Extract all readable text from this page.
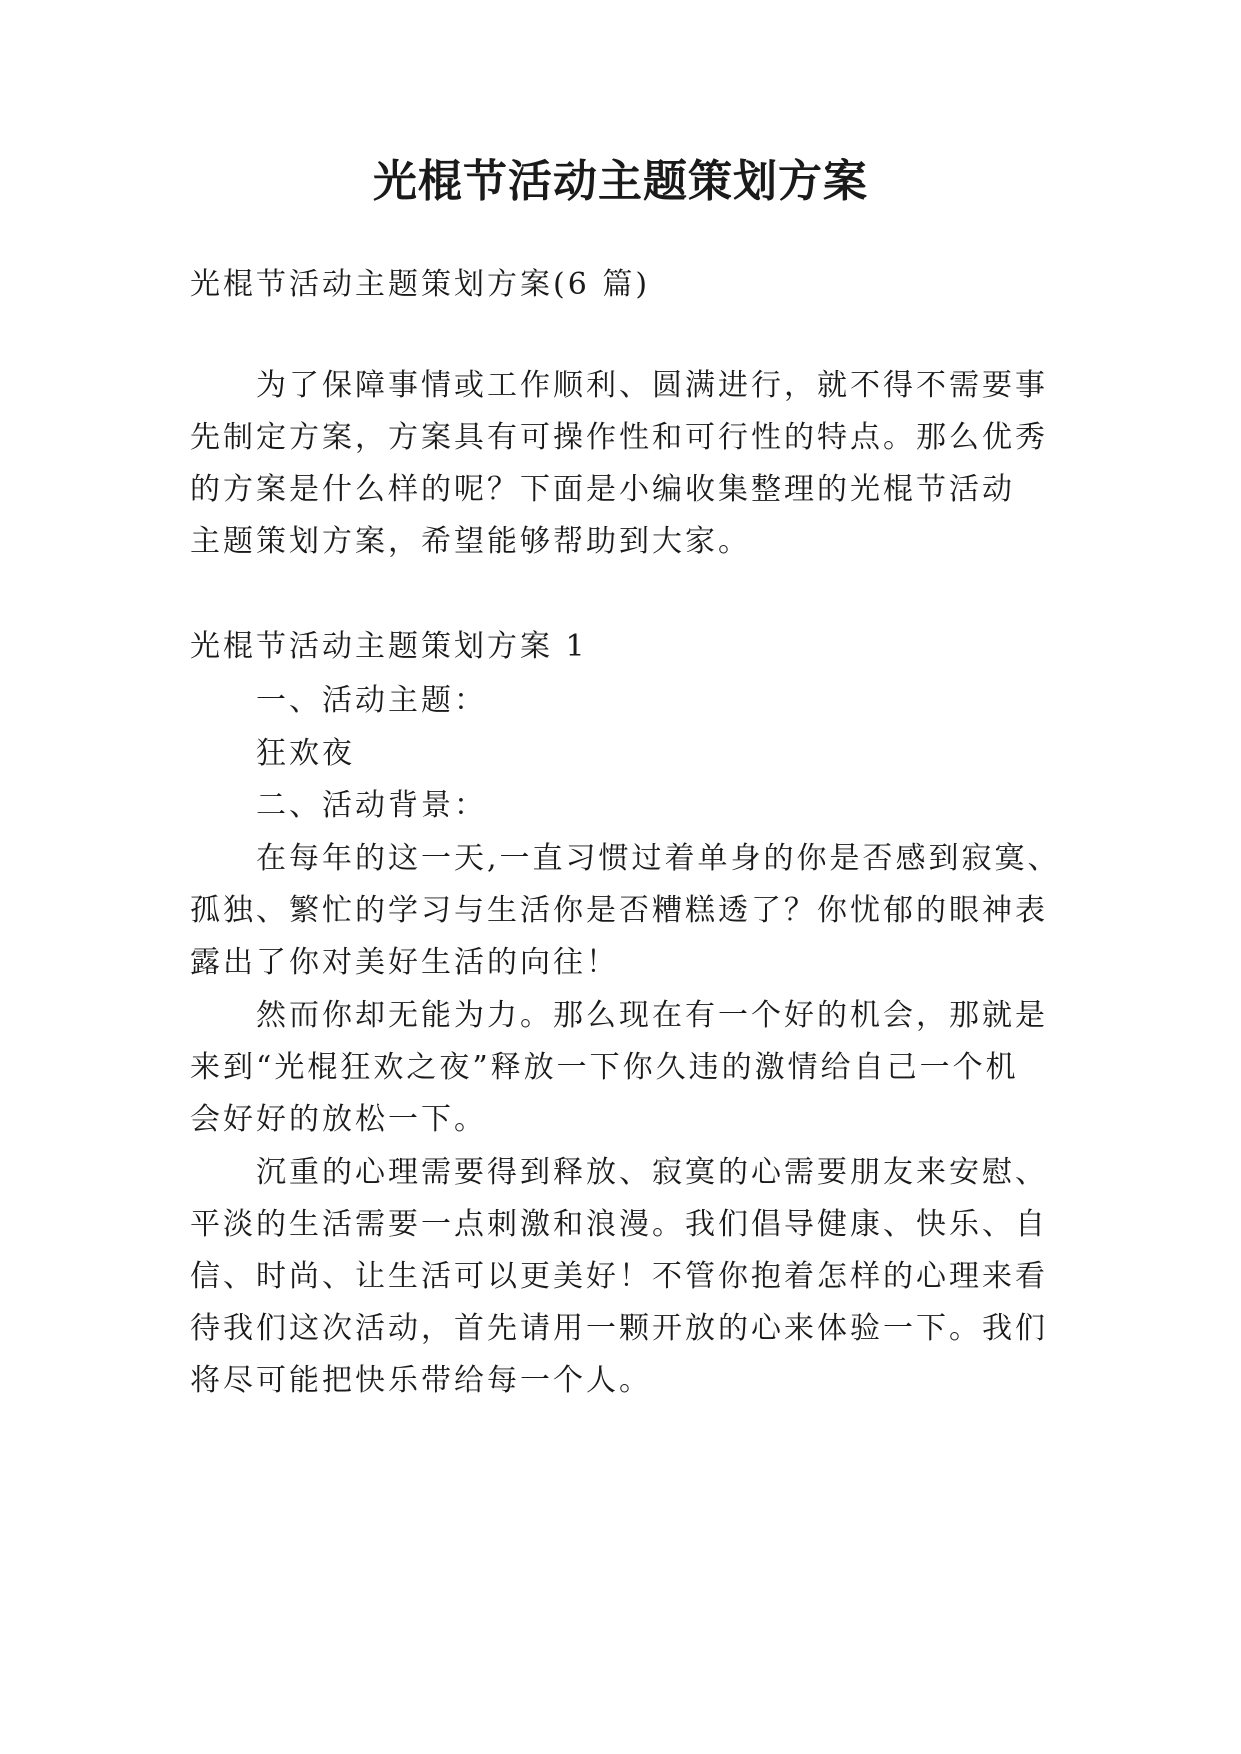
光棍节活动主题策划方案
光棍节活动主题策划方案(6 篇)
为了保障事情或工作顺利、圆满进行，就不得不需要事
先制定方案，方案具有可操作性和可行性的特点。那么优秀
的方案是什么样的呢？下面是小编收集整理的光棍节活动
主题策划方案，希望能够帮助到大家。
光棍节活动主题策划方案 1
一、活动主题：
狂欢夜
二、活动背景：
在每年的这一天,一直习惯过着单身的你是否感到寂寞、
孤独、繁忙的学习与生活你是否糟糕透了？你忧郁的眼神表
露出了你对美好生活的向往！
然而你却无能为力。那么现在有一个好的机会，那就是
来到“光棍狂欢之夜”释放一下你久违的激情给自己一个机
会好好的放松一下。
沉重的心理需要得到释放、寂寞的心需要朋友来安慰、
平淡的生活需要一点刺激和浪漫。我们倡导健康、快乐、自
信、时尚、让生活可以更美好！不管你抱着怎样的心理来看
待我们这次活动，首先请用一颗开放的心来体验一下。我们
将尽可能把快乐带给每一个人。
